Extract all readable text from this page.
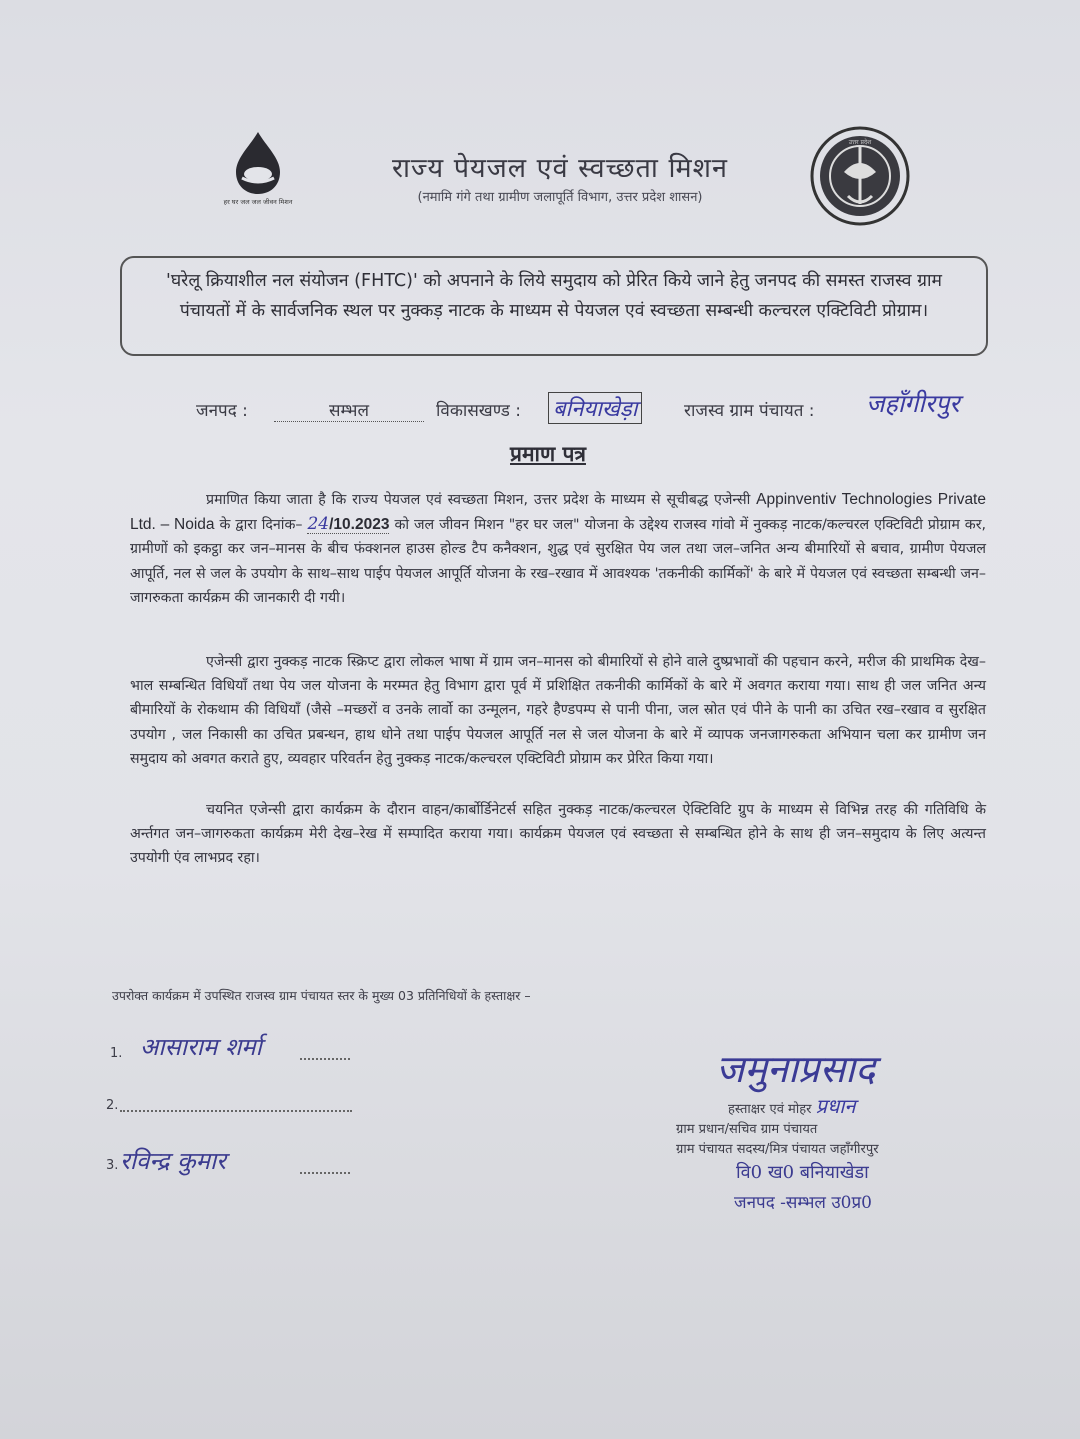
हर घर जल जल जीवन मिशन
राज्य पेयजल एवं स्वच्छता मिशन
(नमामि गंगे तथा ग्रामीण जलापूर्ति विभाग, उत्तर प्रदेश शासन)
उत्तर प्रदेश
'घरेलू क्रियाशील नल संयोजन (FHTC)' को अपनाने के लिये समुदाय को प्रेरित किये जाने हेतु जनपद की समस्त राजस्व ग्राम पंचायतों में के सार्वजनिक स्थल पर नुक्कड़ नाटक के माध्यम से पेयजल एवं स्वच्छता सम्बन्धी कल्चरल एक्टिविटी प्रोग्राम।
जनपद :	सम्भल	विकासखण्ड : बनियाखेड़ा	राजस्व ग्राम पंचायत : जहाँगीरपुर
प्रमाण पत्र
प्रमाणित किया जाता है कि राज्य पेयजल एवं स्वच्छता मिशन, उत्तर प्रदेश के माध्यम से सूचीबद्ध एजेन्सी Appinventiv Technologies Private Ltd. – Noida के द्वारा दिनांक– 24/10.2023 को जल जीवन मिशन "हर घर जल" योजना के उद्देश्य राजस्व गांवो में नुक्कड़ नाटक/कल्चरल एक्टिविटी प्रोग्राम कर, ग्रामीणों को इकट्ठा कर जन–मानस के बीच फंक्शनल हाउस होल्ड टैप कनैक्शन, शुद्ध एवं सुरक्षित पेय जल तथा जल–जनित अन्य बीमारियों से बचाव, ग्रामीण पेयजल आपूर्ति, नल से जल के उपयोग के साथ–साथ पाईप पेयजल आपूर्ति योजना के रख–रखाव में आवश्यक 'तकनीकी कार्मिकों' के बारे में पेयजल एवं स्वच्छता सम्बन्धी जन–जागरुकता कार्यक्रम की जानकारी दी गयी।
एजेन्सी द्वारा नुक्कड़ नाटक स्क्रिप्ट द्वारा लोकल भाषा में ग्राम जन–मानस को बीमारियों से होने वाले दुष्प्रभावों की पहचान करने, मरीज की प्राथमिक देख–भाल सम्बन्धित विधियाँ तथा पेय जल योजना के मरम्मत हेतु विभाग द्वारा पूर्व में प्रशिक्षित तकनीकी कार्मिकों के बारे में अवगत कराया गया। साथ ही जल जनित अन्य बीमारियों के रोकथाम की विधियाँ (जैसे –मच्छरों व उनके लार्वो का उन्मूलन, गहरे हैण्डपम्प से पानी पीना, जल स्रोत एवं पीने के पानी का उचित रख–रखाव व सुरक्षित उपयोग , जल निकासी का उचित प्रबन्धन, हाथ धोने तथा पाईप पेयजल आपूर्ति नल से जल योजना के बारे में व्यापक जनजागरुकता अभियान चला कर ग्रामीण जन समुदाय को अवगत कराते हुए, व्यवहार परिवर्तन हेतु नुक्कड़ नाटक/कल्चरल एक्टिविटी प्रोग्राम कर प्रेरित किया गया।
चयनित एजेन्सी द्वारा कार्यक्रम के दौरान वाहन/कार्बोर्डिनेटर्स सहित नुक्कड़ नाटक/कल्चरल ऐक्टिविटि ग्रुप के माध्यम से विभिन्न तरह की गतिविधि के अर्न्तगत जन–जागरुकता कार्यक्रम मेरी देख–रेख में सम्पादित कराया गया। कार्यक्रम पेयजल एवं स्वच्छता से सम्बन्धित होने के साथ ही जन–समुदाय के लिए अत्यन्त उपयोगी एंव लाभप्रद रहा।
उपरोक्त कार्यक्रम में उपस्थित राजस्व ग्राम पंचायत स्तर के मुख्य 03 प्रतिनिधियों के हस्ताक्षर –
1. आसाराम शर्मा
2.
3. रविन्द्र कुमार
जमुनाप्रसाद
हस्ताक्षर एवं मोहर प्रधान
ग्राम प्रधान/सचिव ग्राम पंचायत
ग्राम पंचायत सदस्य/मित्र पंचायत जहाँगीरपुर
वि0 ख0 बनियाखेडा
जनपद -सम्भल उ0प्र0
